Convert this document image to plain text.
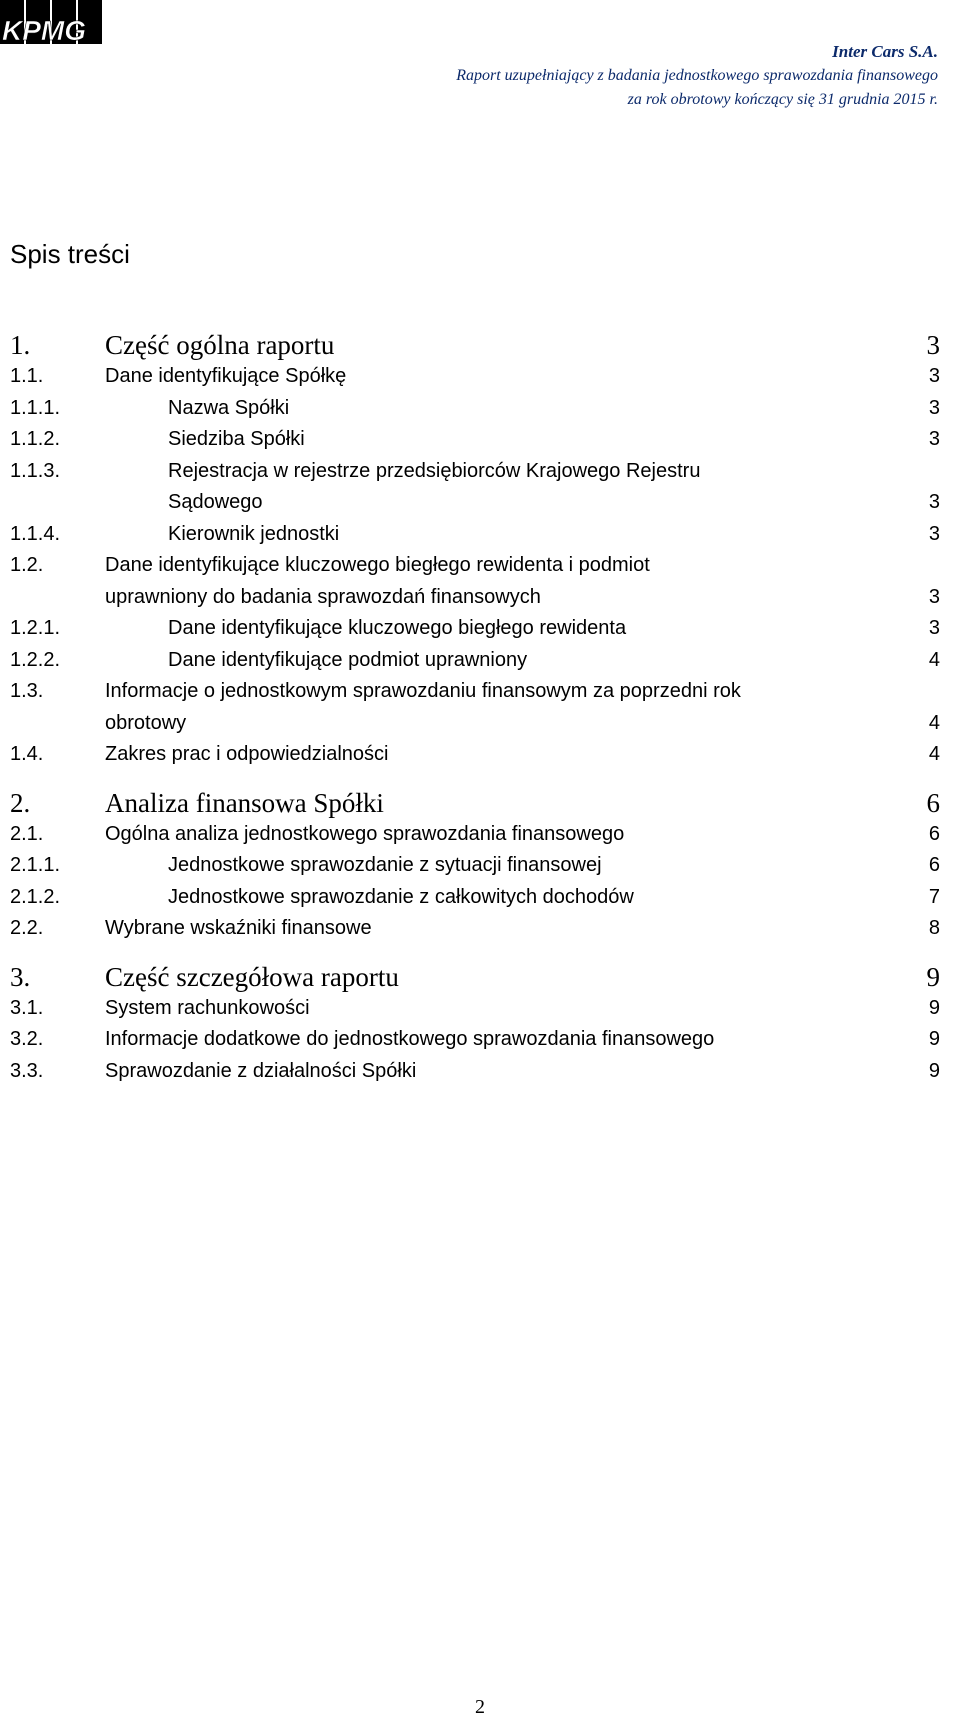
KPMG
Inter Cars S.A.
Raport uzupełniający z badania jednostkowego sprawozdania finansowego
za rok obrotowy kończący się 31 grudnia 2015 r.
Spis treści
1.	Część ogólna raportu	3
1.1.	Dane identyfikujące Spółkę	3
1.1.1.	Nazwa Spółki	3
1.1.2.	Siedziba Spółki	3
1.1.3.	Rejestracja w rejestrze przedsiębiorców Krajowego Rejestru
Sądowego	3
1.1.4.	Kierownik jednostki	3
1.2.	Dane identyfikujące kluczowego biegłego rewidenta i podmiot
uprawniony do badania sprawozdań finansowych	3
1.2.1.	Dane identyfikujące kluczowego biegłego rewidenta	3
1.2.2.	Dane identyfikujące podmiot uprawniony	4
1.3.	Informacje o jednostkowym sprawozdaniu finansowym za poprzedni rok
obrotowy	4
1.4.	Zakres prac i odpowiedzialności	4
2.	Analiza finansowa Spółki	6
2.1.	Ogólna analiza jednostkowego sprawozdania finansowego	6
2.1.1.	Jednostkowe sprawozdanie z sytuacji finansowej	6
2.1.2.	Jednostkowe sprawozdanie z całkowitych dochodów	7
2.2.	Wybrane wskaźniki finansowe	8
3.	Część szczegółowa raportu	9
3.1.	System rachunkowości	9
3.2.	Informacje dodatkowe do jednostkowego sprawozdania finansowego	9
3.3.	Sprawozdanie z działalności Spółki	9
2
